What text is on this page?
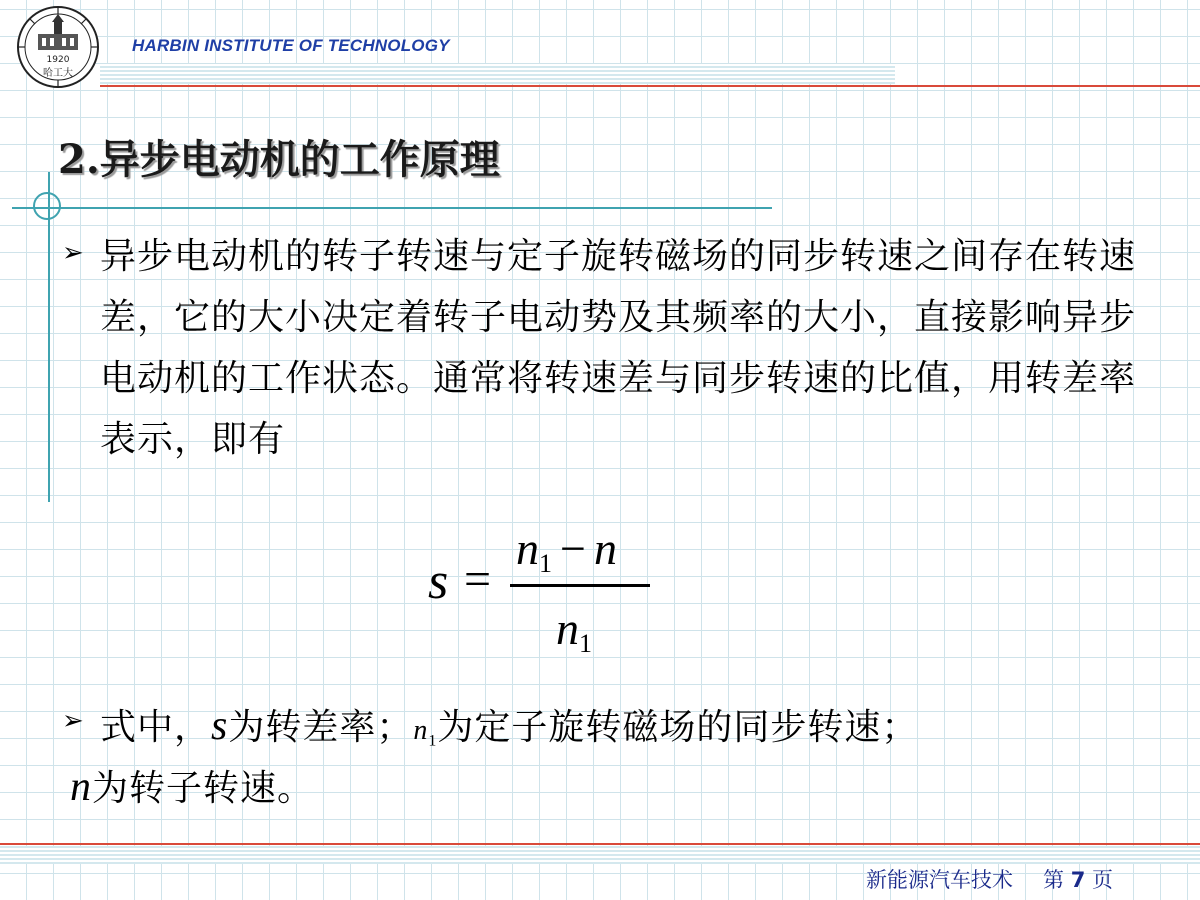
1920
哈工大
HARBIN INSTITUTE OF TECHNOLOGY
2.异步电动机的工作原理
➢ 异步电动机的转子转速与定子旋转磁场的同步转速之间存在转速差，它的大小决定着转子电动势及其频率的大小，直接影响异步电动机的工作状态。通常将转速差与同步转速的比值，用转差率表示，即有
s =
$n_1 - n$
$n_1$
➢ 式中，s为转差率；$n_1$为定子旋转磁场的同步转速；
n为转子转速。
新能源汽车技术 第 7 页
